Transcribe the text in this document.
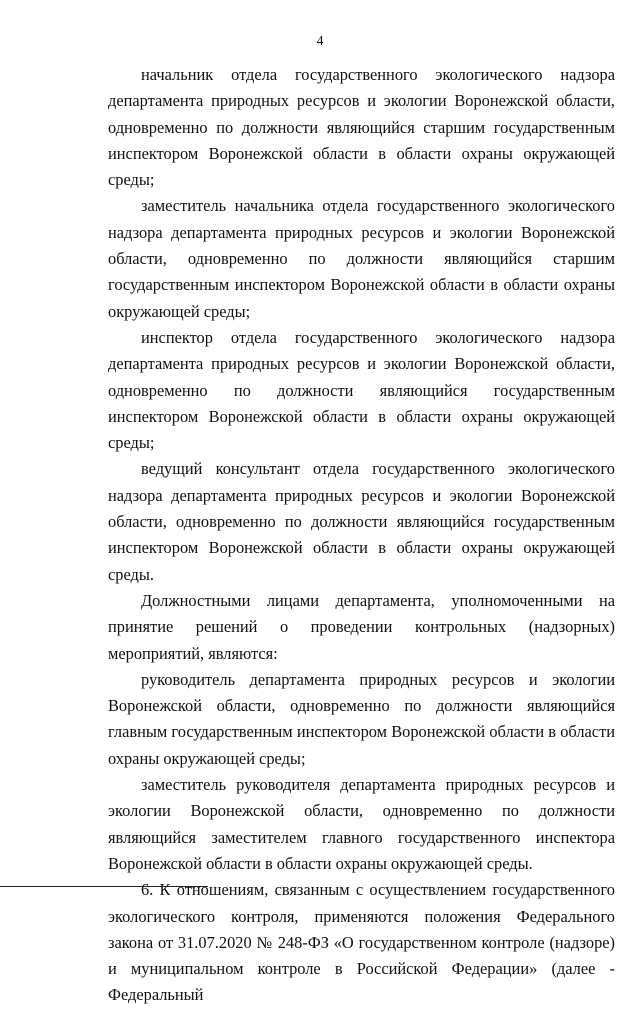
4

начальник отдела государственного экологического надзора департамента природных ресурсов и экологии Воронежской области, одновременно по должности являющийся старшим государственным инспектором Воронежской области в области охраны окружающей среды;

заместитель начальника отдела государственного экологического надзора департамента природных ресурсов и экологии Воронежской области, одновременно по должности являющийся старшим государственным инспектором Воронежской области в области охраны окружающей среды;

инспектор отдела государственного экологического надзора департамента природных ресурсов и экологии Воронежской области, одновременно по должности являющийся государственным инспектором Воронежской области в области охраны окружающей среды;

ведущий консультант отдела государственного экологического надзора департамента природных ресурсов и экологии Воронежской области, одновременно по должности являющийся государственным инспектором Воронежской области в области охраны окружающей среды.

Должностными лицами департамента, уполномоченными на принятие решений о проведении контрольных (надзорных) мероприятий, являются:

руководитель департамента природных ресурсов и экологии Воронежской области, одновременно по должности являющийся главным государственным инспектором Воронежской области в области охраны окружающей среды;

заместитель руководителя департамента природных ресурсов и экологии Воронежской области, одновременно по должности являющийся заместителем главного государственного инспектора Воронежской области в области охраны окружающей среды.

6. К отношениям, связанным с осуществлением государственного экологического контроля, применяются положения Федерального закона от 31.07.2020 № 248-ФЗ «О государственном контроле (надзоре) и муниципальном контроле в Российской Федерации» (далее - Федеральный
